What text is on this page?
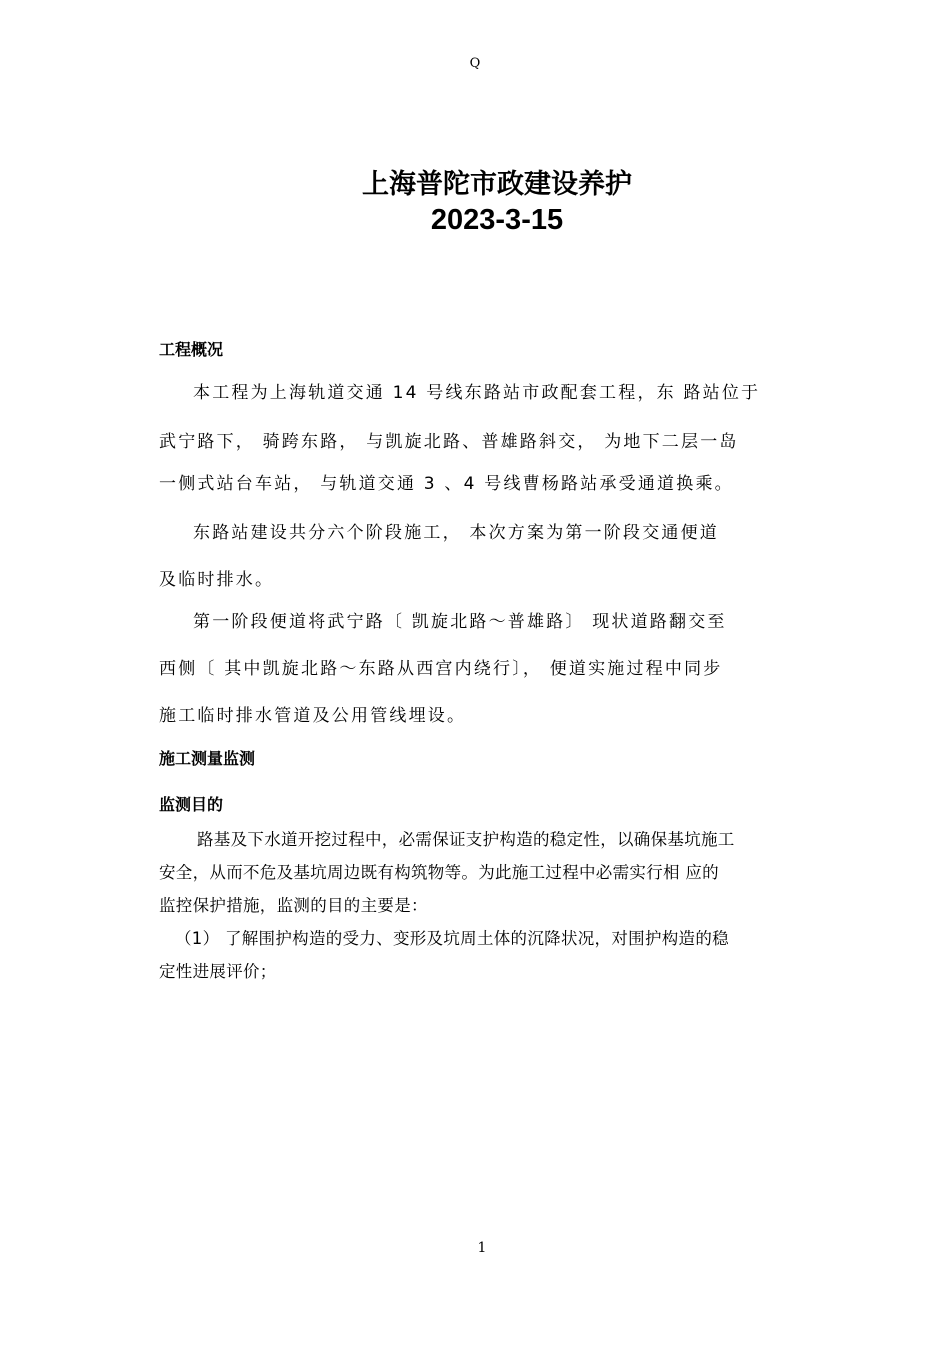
Q
上海普陀市政建设养护
2023-3-15
工程概况
本工程为上海轨道交通 14 号线东路站市政配套工程，东 路站位于
武宁路下， 骑跨东路， 与凯旋北路、普雄路斜交， 为地下二层一岛
一侧式站台车站， 与轨道交通 3 、4 号线曹杨路站承受通道换乘。
东路站建设共分六个阶段施工， 本次方案为第一阶段交通便道
及临时排水。
第一阶段便道将武宁路〔 凯旋北路～普雄路〕 现状道路翻交至
西侧〔 其中凯旋北路～东路从西宫内绕行〕， 便道实施过程中同步
施工临时排水管道及公用管线埋设。
施工测量监测
监测目的
路基及下水道开挖过程中，必需保证支护构造的稳定性，以确保基坑施工
安全，从而不危及基坑周边既有构筑物等。为此施工过程中必需实行相 应的
监控保护措施，监测的目的主要是：
（1） 了解围护构造的受力、变形及坑周土体的沉降状况，对围护构造的稳
定性进展评价；
1
